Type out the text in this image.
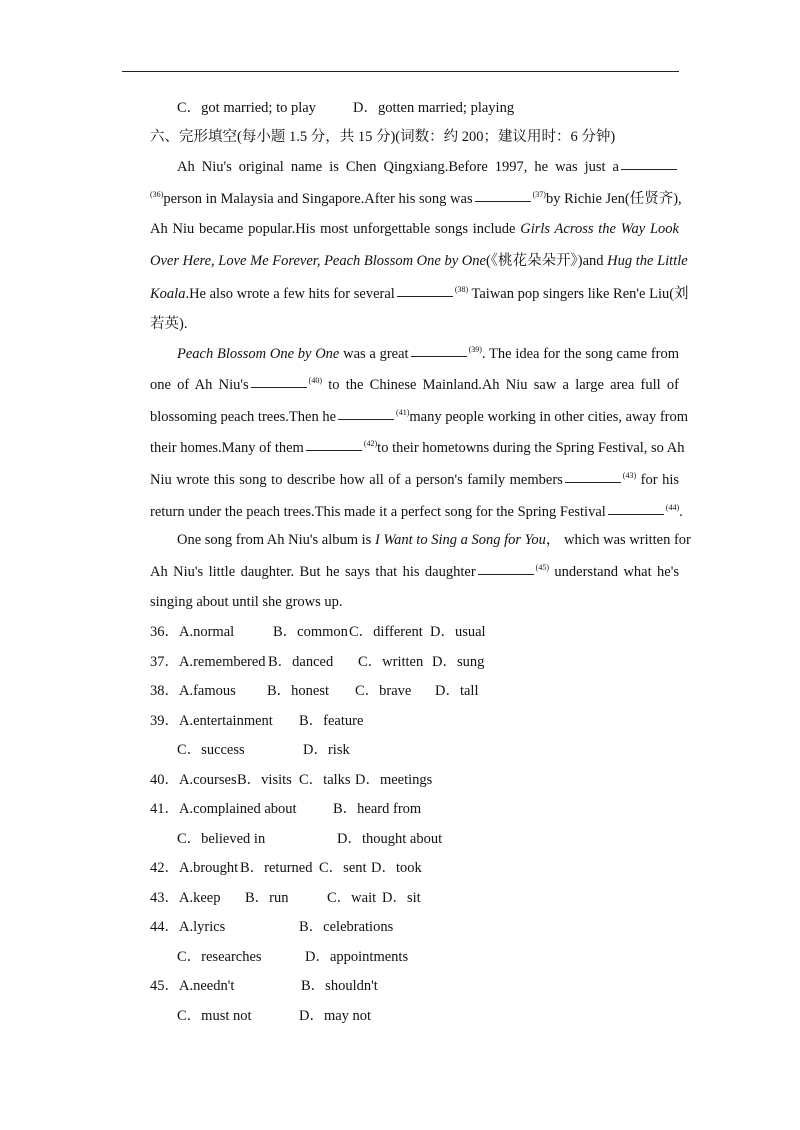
C．got married; to play	D．gotten married; playing
六、完形填空(每小题 1.5 分，共 15 分)(词数：约 200；建议用时：6 分钟)
Ah Niu's original name is Chen Qingxiang.Before 1997, he was just a
$^{(36)}$person in Malaysia and Singapore.After his song was	$^{(37)}$by Richie Jen(任贤齐),
Ah Niu became popular.His most unforgettable songs include Girls Across the Way Look
Over Here, Love Me Forever, Peach Blossom One by One(《桃花朵朵开》)and Hug the Little
Koala.He also wrote a few hits for several	$^{(38)}$ Taiwan pop singers like Ren'e Liu(刘
若英).
Peach Blossom One by One was a great	$^{(39)}$. The idea for the song came from
one of Ah Niu's	$^{(40)}$ to the Chinese Mainland.Ah Niu saw a large area full of
blossoming peach trees.Then he	$^{(41)}$many people working in other cities, away from
their homes.Many of them	$^{(42)}$to their hometowns during the Spring Festival, so Ah
Niu wrote this song to describe how all of a person's family members	$^{(43)}$ for his
return under the peach trees.This made it a perfect song for the Spring Festival	$^{(44)}$.
One song from Ah Niu's album is I Want to Sing a Song for You， which was written for
Ah Niu's little daughter. But he says that his daughter	$^{(45)}$ understand what he's
singing about until she grows up.
36．A.normal	B．common C．different D．usual
37．A.remembered B．danced C．written D．sung
38．A.famous B．honest C．brave D．tall
39．A.entertainment B．feature
C．success	D．risk
40．A.courses B．visits C．talks D．meetings
41．A.complained about	B．heard from
C．believed in	D．thought about
42．A.brought B．returned C．sent D．took
43．A.keep B．run	C．wait D．sit
44．A.lyrics	B．celebrations
C．researches	D．appointments
45．A.needn't	B．shouldn't
C．must not	D．may not
